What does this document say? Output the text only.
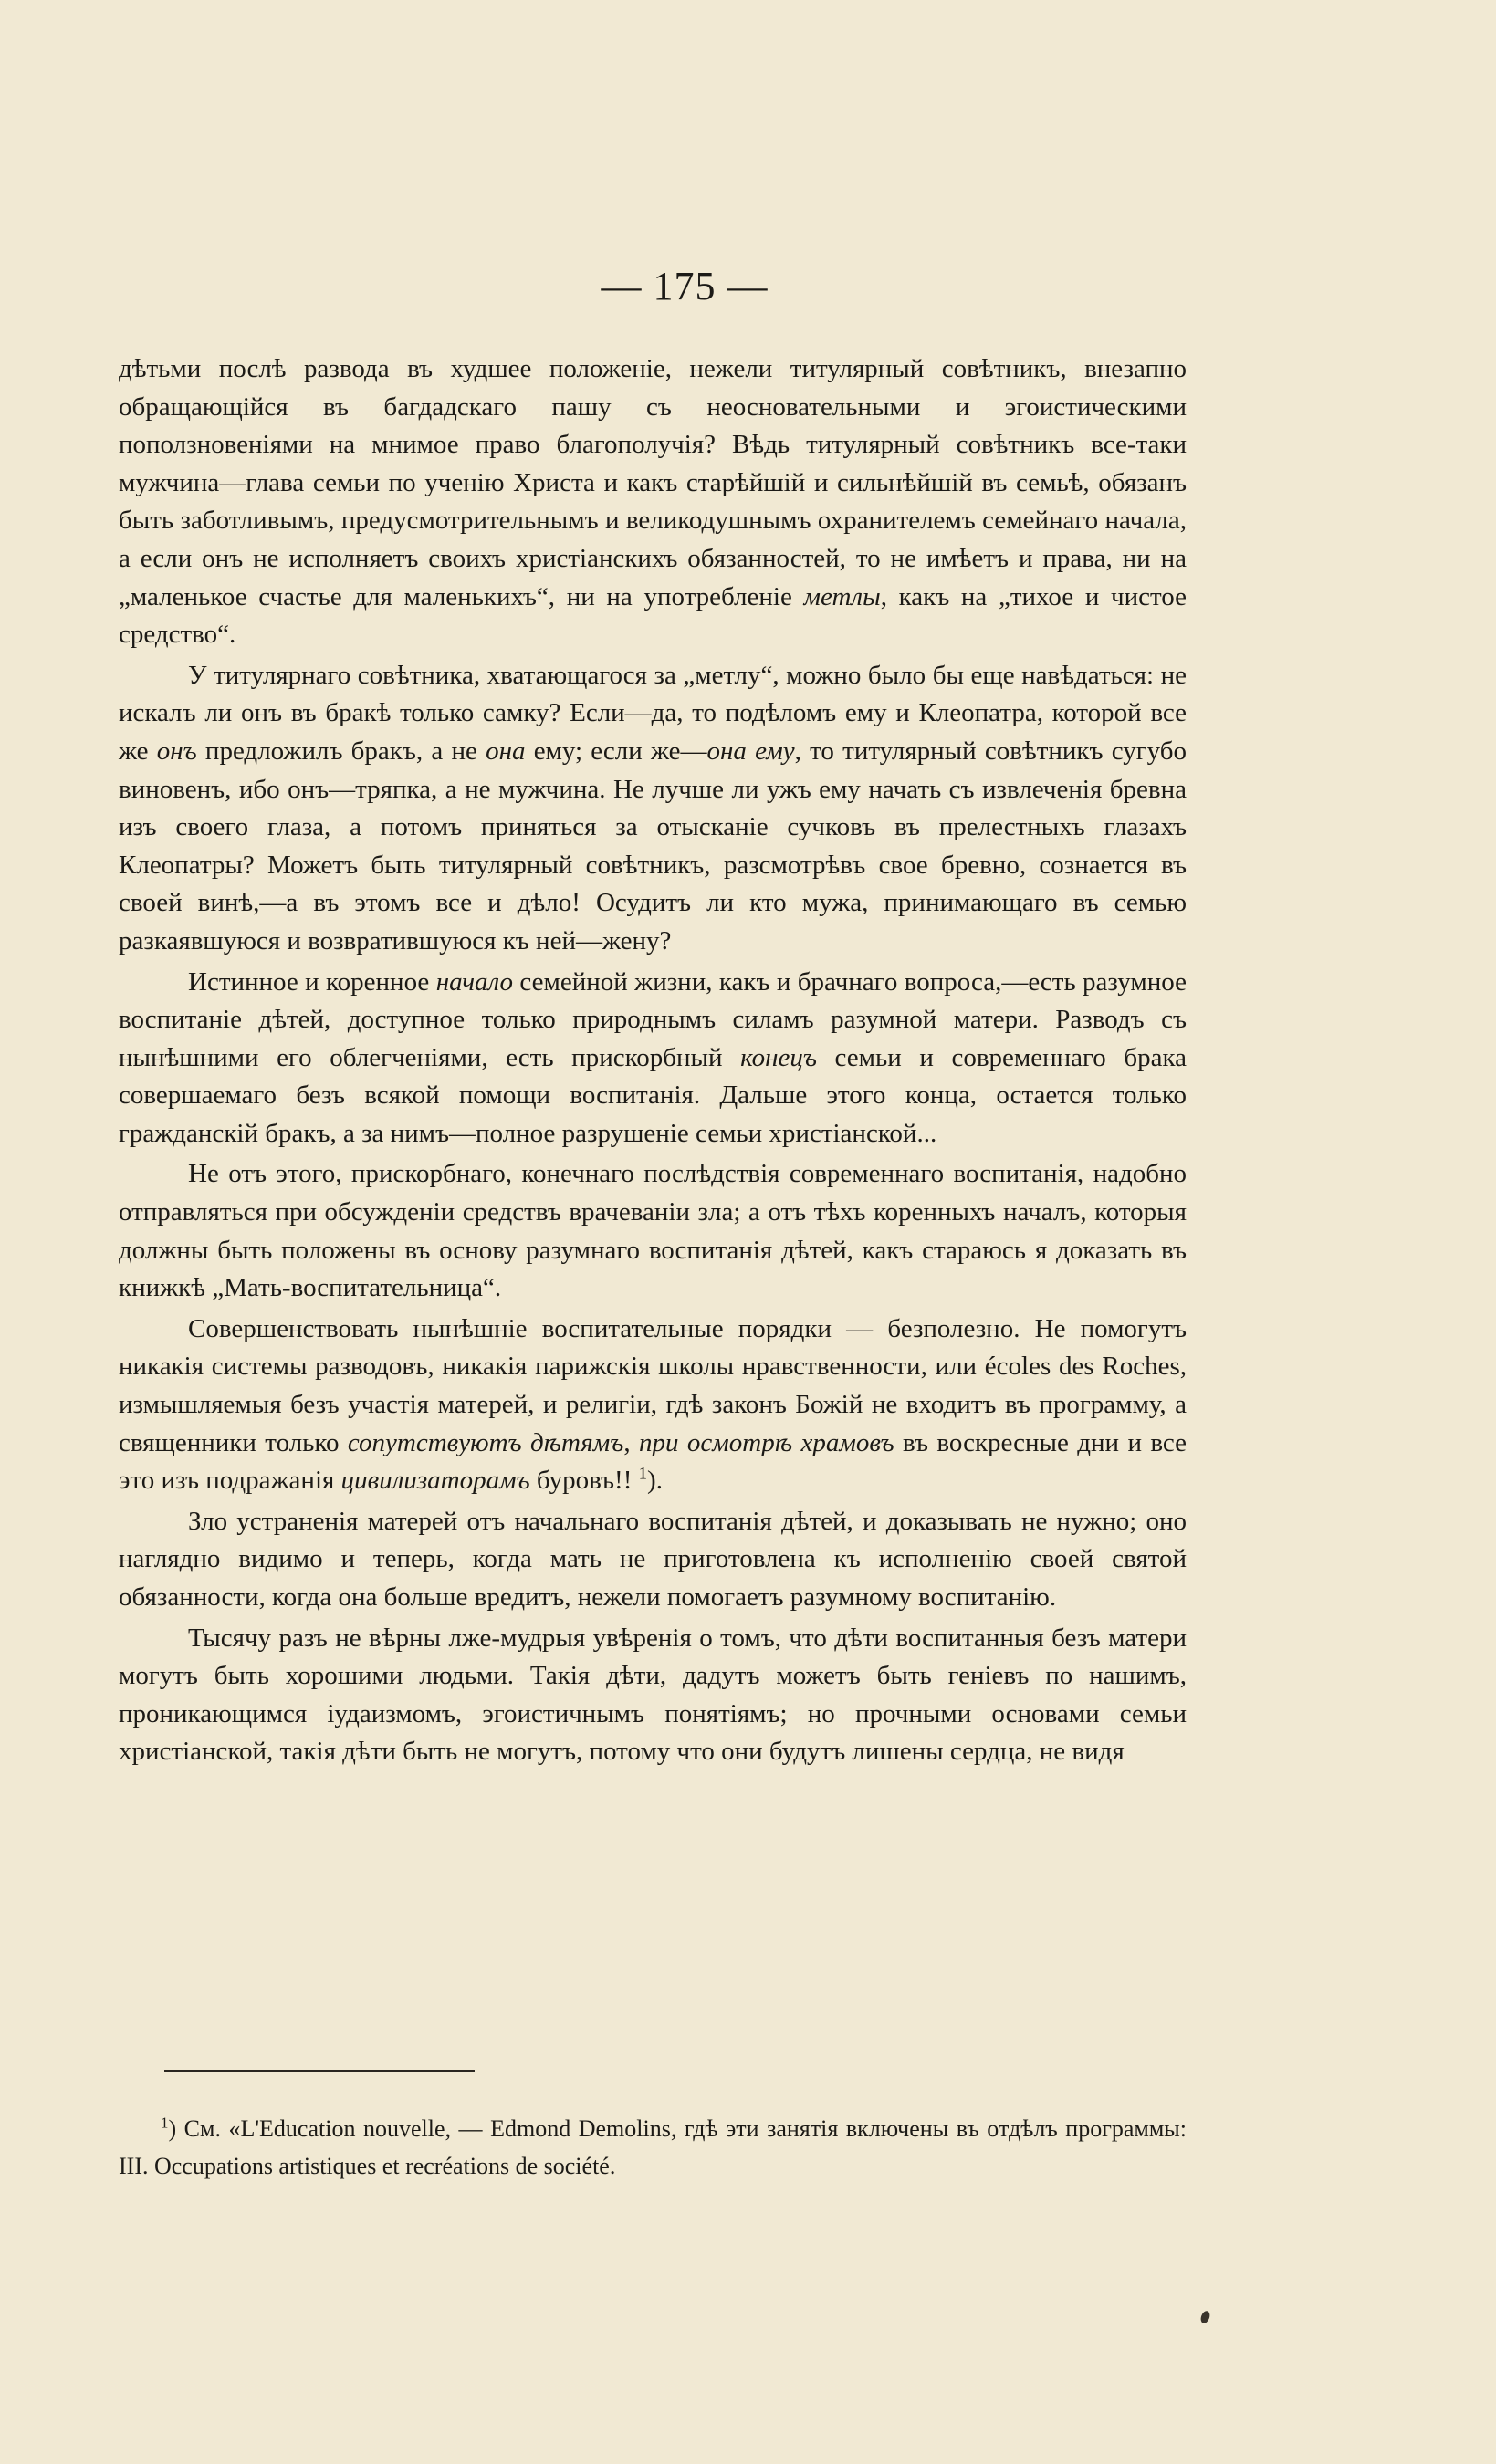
— 175 —

дѣтьми послѣ развода въ худшее положеніе, нежели титулярный совѣтникъ, внезапно обращающійся въ багдадскаго пашу съ неосновательными и эгоистическими поползновеніями на мнимое право благополучія? Вѣдь титулярный совѣтникъ все-таки мужчина—глава семьи по ученію Христа и какъ старѣйшій и сильнѣйшій въ семьѣ, обязанъ быть заботливымъ, предусмотрительнымъ и великодушнымъ охранителемъ семейнаго начала, а если онъ не исполняетъ своихъ христіанскихъ обязанностей, то не имѣетъ и права, ни на „маленькое счастье для маленькихъ“, ни на употребленіе метлы, какъ на „тихое и чистое средство“.

У титулярнаго совѣтника, хватающагося за „метлу“, можно было бы еще навѣдаться: не искалъ ли онъ въ бракѣ только самку? Если—да, то подѣломъ ему и Клеопатра, которой все же онъ предложилъ бракъ, а не она ему; если же—она ему, то титулярный совѣтникъ сугубо виновенъ, ибо онъ—тряпка, а не мужчина. Не лучше ли ужъ ему начать съ извлеченія бревна изъ своего глаза, а потомъ приняться за отысканіе сучковъ въ прелестныхъ глазахъ Клеопатры? Можетъ быть титулярный совѣтникъ, разсмотрѣвъ свое бревно, сознается въ своей винѣ,—а въ этомъ все и дѣло! Осудитъ ли кто мужа, принимающаго въ семью разкаявшуюся и возвратившуюся къ ней—жену?

Истинное и коренное начало семейной жизни, какъ и брачнаго вопроса,—есть разумное воспитаніе дѣтей, доступное только природнымъ силамъ разумной матери. Разводъ съ нынѣшними его облегченіями, есть прискорбный конецъ семьи и современнаго брака совершаемаго безъ всякой помощи воспитанія. Дальше этого конца, остается только гражданскій бракъ, а за нимъ—полное разрушеніе семьи христіанской...

Не отъ этого, прискорбнаго, конечнаго послѣдствія современнаго воспитанія, надобно отправляться при обсужденіи средствъ врачеваніи зла; а отъ тѣхъ коренныхъ началъ, которыя должны быть положены въ основу разумнаго воспитанія дѣтей, какъ стараюсь я доказать въ книжкѣ „Мать-воспитательница“.

Совершенствовать нынѣшніе воспитательные порядки — безполезно. Не помогутъ никакія системы разводовъ, никакія парижскія школы нравственности, или écoles des Roches, измышляемыя безъ участія матерей, и религіи, гдѣ законъ Божій не входитъ въ программу, а священники только сопутствуютъ дѣтямъ, при осмотрѣ храмовъ въ воскресные дни и все это изъ подражанія цивилизаторамъ буровъ!! $^1$).

Зло устраненія матерей отъ начальнаго воспитанія дѣтей, и доказывать не нужно; оно наглядно видимо и теперь, когда мать не приготовлена къ исполненію своей святой обязанности, когда она больше вредитъ, нежели помогаетъ разумному воспитанію.

Тысячу разъ не вѣрны лже-мудрыя увѣренія о томъ, что дѣти воспитанныя безъ матери могутъ быть хорошими людьми. Такія дѣти, дадутъ можетъ быть геніевъ по нашимъ, проникающимся іудаизмомъ, эгоистичнымъ понятіямъ; но прочными основами семьи христіанской, такія дѣти быть не могутъ, потому что они будутъ лишены сердца, не видя

$^1$) См. «L'Education nouvelle, — Edmond Demolins, гдѣ эти занятія включены въ отдѣлъ программы: III. Occupations artistiques et recréations de société.
